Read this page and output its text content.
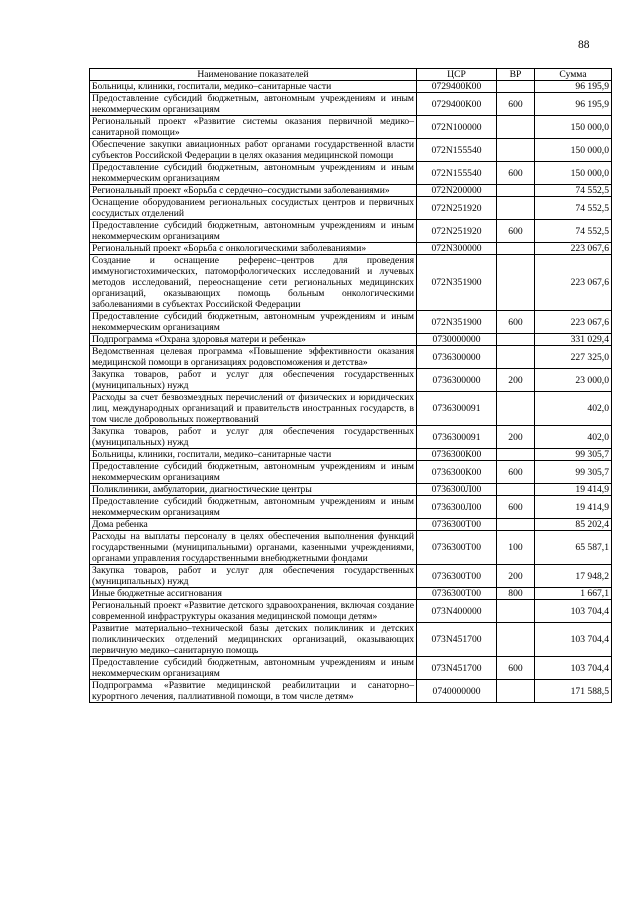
88
Наименование показателей	ЦСР	ВР	Сумма
Больницы, клиники, госпитали, медико–санитарные части	0729400К00		96 195,9
Предоставление субсидий бюджетным, автономным учреждениям и иным некоммерческим организациям	0729400К00	600	96 195,9
Региональный проект «Развитие системы оказания первичной медико–санитарной помощи»	072N100000		150 000,0
Обеспечение закупки авиационных работ органами государственной власти субъектов Российской Федерации в целях оказания медицинской помощи	072N155540		150 000,0
Предоставление субсидий бюджетным, автономным учреждениям и иным некоммерческим организациям	072N155540	600	150 000,0
Региональный проект «Борьба с сердечно–сосудистыми заболеваниями»	072N200000		74 552,5
Оснащение оборудованием региональных сосудистых центров и первичных сосудистых отделений	072N251920		74 552,5
Предоставление субсидий бюджетным, автономным учреждениям и иным некоммерческим организациям	072N251920	600	74 552,5
Региональный проект «Борьба с онкологическими заболеваниями»	072N300000		223 067,6
Создание и оснащение референс–центров для проведения иммуногистохимических, патоморфологических исследований и лучевых методов исследований, переоснащение сети региональных медицинских организаций, оказывающих помощь больным онкологическими заболеваниями в субъектах Российской Федерации	072N351900		223 067,6
Предоставление субсидий бюджетным, автономным учреждениям и иным некоммерческим организациям	072N351900	600	223 067,6
Подпрограмма «Охрана здоровья матери и ребенка»	0730000000		331 029,4
Ведомственная целевая программа «Повышение эффективности оказания медицинской помощи в организациях родовспоможения и детства»	0736300000		227 325,0
Закупка товаров, работ и услуг для обеспечения государственных (муниципальных) нужд	0736300000	200	23 000,0
Расходы за счет безвозмездных перечислений от физических и юридических лиц, международных организаций и правительств иностранных государств, в том числе добровольных пожертвований	0736300091		402,0
Закупка товаров, работ и услуг для обеспечения государственных (муниципальных) нужд	0736300091	200	402,0
Больницы, клиники, госпитали, медико–санитарные части	0736300К00		99 305,7
Предоставление субсидий бюджетным, автономным учреждениям и иным некоммерческим организациям	0736300К00	600	99 305,7
Поликлиники, амбулатории, диагностические центры	0736300Л00		19 414,9
Предоставление субсидий бюджетным, автономным учреждениям и иным некоммерческим организациям	0736300Л00	600	19 414,9
Дома ребенка	0736300Т00		85 202,4
Расходы на выплаты персоналу в целях обеспечения выполнения функций государственными (муниципальными) органами, казенными учреждениями, органами управления государственными внебюджетными фондами	0736300Т00	100	65 587,1
Закупка товаров, работ и услуг для обеспечения государственных (муниципальных) нужд	0736300Т00	200	17 948,2
Иные бюджетные ассигнования	0736300Т00	800	1 667,1
Региональный проект «Развитие детского здравоохранения, включая создание современной инфраструктуры оказания медицинской помощи детям»	073N400000		103 704,4
Развитие материально–технической базы детских поликлиник и детских поликлинических отделений медицинских организаций, оказывающих первичную медико–санитарную помощь	073N451700		103 704,4
Предоставление субсидий бюджетным, автономным учреждениям и иным некоммерческим организациям	073N451700	600	103 704,4
Подпрограмма «Развитие медицинской реабилитации и санаторно–курортного лечения, паллиативной помощи, в том числе детям»	0740000000		171 588,5
